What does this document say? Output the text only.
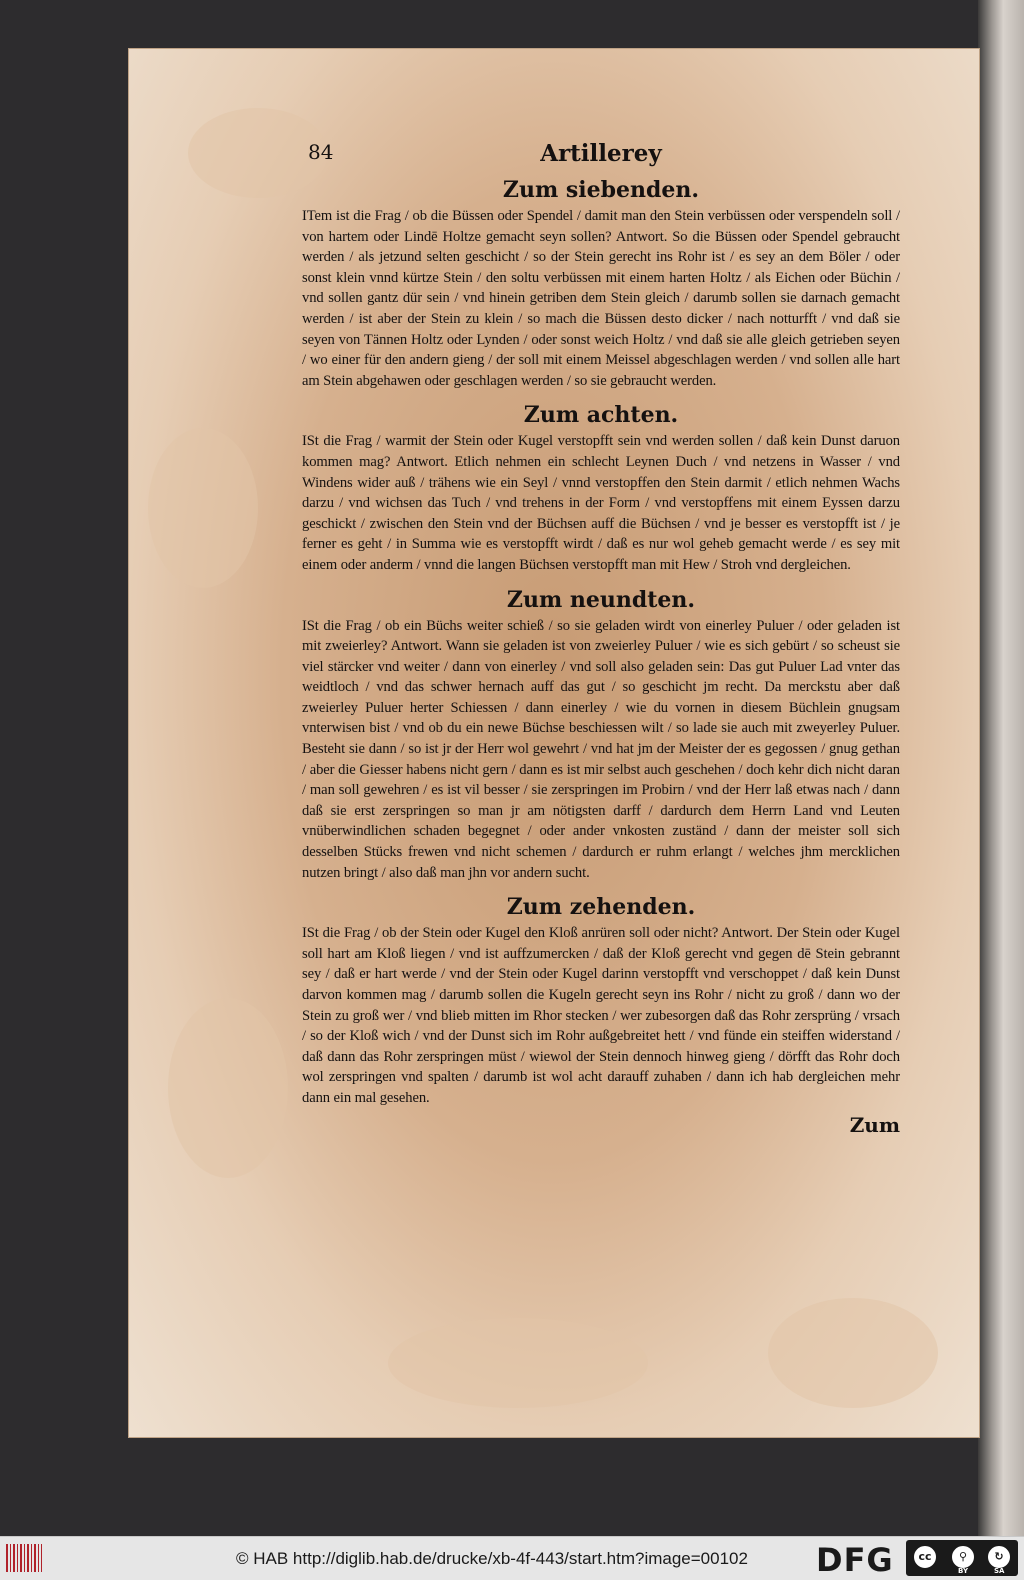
84	Artillerey
Zum siebenden.

ITem ist die Frag / ob die Büssen oder Spendel / damit man den Stein verbüssen oder verspendeln soll / von hartem oder Lindē Holtze gemacht seyn sollen? Antwort. So die Büssen oder Spendel gebraucht werden / als jetzund selten geschicht / so der Stein gerecht ins Rohr ist / es sey an dem Böler / oder sonst klein vnnd kürtze Stein / den soltu verbüssen mit einem harten Holtz / als Eichen oder Büchin / vnd sollen gantz dür sein / vnd hinein getriben dem Stein gleich / darumb sollen sie darnach gemacht werden / ist aber der Stein zu klein / so mach die Büssen desto dicker / nach notturfft / vnd daß sie seyen von Tännen Holtz oder Lynden / oder sonst weich Holtz / vnd daß sie alle gleich getrieben seyen / wo einer für den andern gieng / der soll mit einem Meissel abgeschlagen werden / vnd sollen alle hart am Stein abgehawen oder geschlagen werden / so sie gebraucht werden.

Zum achten.

ISt die Frag / warmit der Stein oder Kugel verstopfft sein vnd werden sollen / daß kein Dunst daruon kommen mag? Antwort. Etlich nehmen ein schlecht Leynen Duch / vnd netzens in Wasser / vnd Windens wider auß / trähens wie ein Seyl / vnnd verstopffen den Stein darmit / etlich nehmen Wachs darzu / vnd wichsen das Tuch / vnd trehens in der Form / vnd verstopffens mit einem Eyssen darzu geschickt / zwischen den Stein vnd der Büchsen auff die Büchsen / vnd je besser es verstopfft ist / je ferner es geht / in Summa wie es verstopfft wirdt / daß es nur wol geheb gemacht werde / es sey mit einem oder anderm / vnnd die langen Büchsen verstopfft man mit Hew / Stroh vnd dergleichen.

Zum neundten.

ISt die Frag / ob ein Büchs weiter schieß / so sie geladen wirdt von einerley Puluer / oder geladen ist mit zweierley? Antwort. Wann sie geladen ist von zweierley Puluer / wie es sich gebürt / so scheust sie viel stärcker vnd weiter / dann von einerley / vnd soll also geladen sein: Das gut Puluer Lad vnter das weidtloch / vnd das schwer hernach auff das gut / so geschicht jm recht. Da merckstu aber daß zweierley Puluer herter Schiessen / dann einerley / wie du vornen in diesem Büchlein gnugsam vnterwisen bist / vnd ob du ein newe Büchse beschiessen wilt / so lade sie auch mit zweyerley Puluer. Besteht sie dann / so ist jr der Herr wol gewehrt / vnd hat jm der Meister der es gegossen / gnug gethan / aber die Giesser habens nicht gern / dann es ist mir selbst auch geschehen / doch kehr dich nicht daran / man soll gewehren / es ist vil besser / sie zerspringen im Probirn / vnd der Herr laß etwas nach / dann daß sie erst zerspringen so man jr am nötigsten darff / dardurch dem Herrn Land vnd Leuten vnüberwindlichen schaden begegnet / oder ander vnkosten zuständ / dann der meister soll sich desselben Stücks frewen vnd nicht schemen / dardurch er ruhm erlangt / welches jhm mercklichen nutzen bringt / also daß man jhn vor andern sucht.

Zum zehenden.

ISt die Frag / ob der Stein oder Kugel den Kloß anrüren soll oder nicht? Antwort. Der Stein oder Kugel soll hart am Kloß liegen / vnd ist auffzumercken / daß der Kloß gerecht vnd gegen dē Stein gebrannt sey / daß er hart werde / vnd der Stein oder Kugel darinn verstopfft vnd verschoppet / daß kein Dunst darvon kommen mag / darumb sollen die Kugeln gerecht seyn ins Rohr / nicht zu groß / dann wo der Stein zu groß wer / vnd blieb mitten im Rhor stecken / wer zubesorgen daß das Rohr zersprüng / vrsach / so der Kloß wich / vnd der Dunst sich im Rohr außgebreitet hett / vnd fünde ein steiffen widerstand / daß dann das Rohr zerspringen müst / wiewol der Stein dennoch hinweg gieng / dörfft das Rohr doch wol zerspringen vnd spalten / darumb ist wol acht darauff zuhaben / dann ich hab dergleichen mehr dann ein mal gesehen.

Zum
© HAB http://diglib.hab.de/drucke/xb-4f-443/start.htm?image=00102 DFG	cc	⚲	↻
BY	SA
